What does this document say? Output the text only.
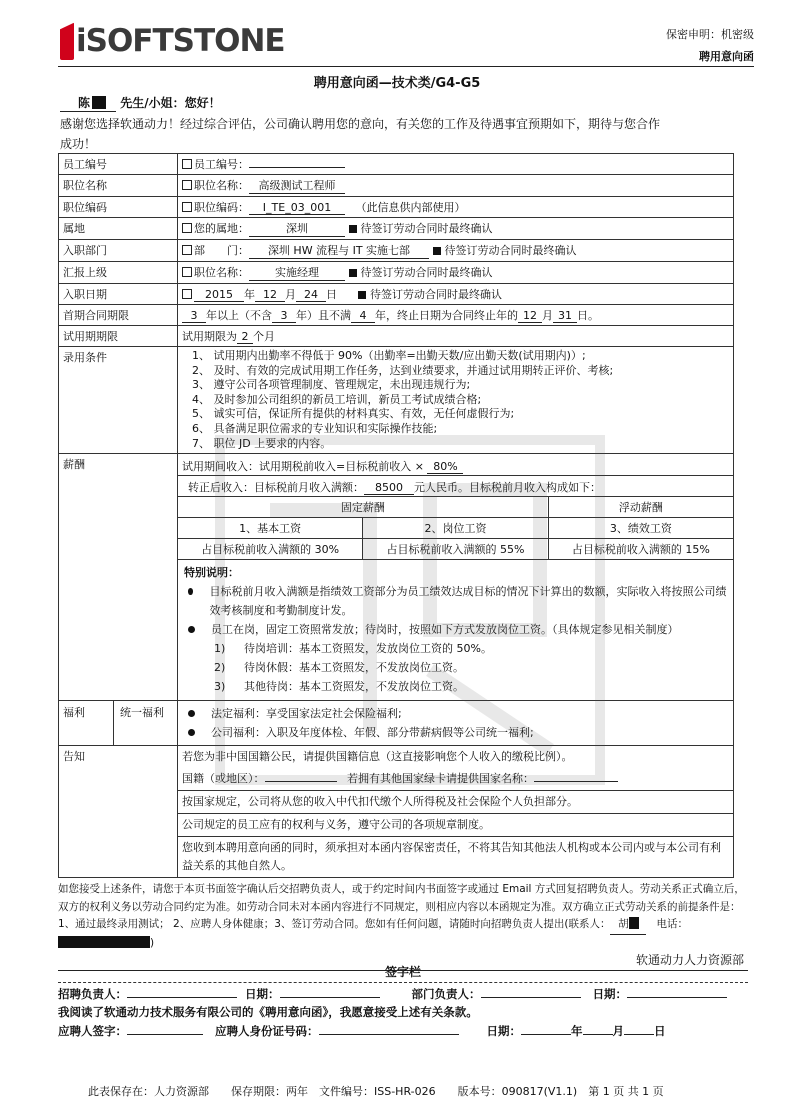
iSOFTSTONE	保密申明：机密级
聘用意向函
聘用意向函—技术类/G4-G5
陈	先生/小姐：您好！
感谢您选择软通动力！经过综合评估，公司确认聘用您的意向，有关您的工作及待遇事宜预期如下，期待与您合作成功！
员工编号	员工编号：
职位名称	职位名称： 高级测试工程师
职位编码	职位编码： I_TE_03_001 （此信息供内部使用）
属地	您的属地：	深圳	待签订劳动合同时最终确认
入职部门	部　　门： 深圳 HW 流程与 IT 实施七部	待签订劳动合同时最终确认
汇报上级	职位名称： 实施经理	待签订劳动合同时最终确认
入职日期	2015 年 12 月 24 日	待签订劳动合同时最终确认
首期合同期限	3 年以上（不含 3 年）且不满 4 年，终止日期为合同终止年的 12 月 31 日。
试用期期限	试用期限为 2 个月
录用条件	1、 试用期内出勤率不得低于 90%（出勤率=出勤天数/应出勤天数(试用期内)）;
2、 及时、有效的完成试用期工作任务，达到业绩要求，并通过试用期转正评价、考核;
3、 遵守公司各项管理制度、管理规定，未出现违规行为;
4、 及时参加公司组织的新员工培训，新员工考试成绩合格;
5、 诚实可信，保证所有提供的材料真实、有效，无任何虚假行为;
6、 具备满足职位需求的专业知识和实际操作技能;
7、 职位 JD 上要求的内容。

薪酬	试用期间收入：试用期税前收入=目标税前收入 × 80%
转正后收入：目标税前月收入满额： 8500 元人民币。目标税前月收入构成如下：
固定薪酬	浮动薪酬
1、基本工资	2、岗位工资	3、绩效工资
占目标税前收入满额的 30%	占目标税前收入满额的 55%	占目标税前收入满额的 15%

特别说明：

目标税前月收入满额是指绩效工资部分为员工绩效达成目标的情况下计算出的数额，实际收入将按照公司绩效考核制度和考勤制度计发。

员工在岗，固定工资照常发放；待岗时，按照如下方式发放岗位工资。（具体规定参见相关制度）

1) 待岗培训：基本工资照发，发放岗位工资的 50%。

2) 待岗休假：基本工资照发，不发放岗位工资。

3) 其他待岗：基本工资照发，不发放岗位工资。

福利	统一福利	法定福利：享受国家法定社会保险福利;

公司福利：入职及年度体检、年假、部分带薪病假等公司统一福利;

告知	若您为非中国国籍公民，请提供国籍信息（这直接影响您个人收入的缴税比例）。
国籍（或地区）：	若拥有其他国家绿卡请提供国家名称：
按国家规定，公司将从您的收入中代扣代缴个人所得税及社会保险个人负担部分。
公司规定的员工应有的权利与义务，遵守公司的各项规章制度。
您收到本聘用意向函的同时，须承担对本函内容保密责任，不将其告知其他法人机构或本公司内或与本公司有利益关系的其他自然人。
如您接受上述条件，请您于本页书面签字确认后交招聘负责人，或于约定时间内书面签字或通过 Email 方式回复招聘负责人。劳动关系正式确立后，双方的权利义务以劳动合同约定为准。如劳动合同未对本函内容进行不同规定，则相应内容以本函规定为准。双方确立正式劳动关系的前提条件是：1、通过最终录用测试； 2、应聘人身体健康；3、签订劳动合同。您如有任何问题，请随时向招聘负责人提出(联系人： 胡	电话：)
软通动力人力资源部
签字栏
招聘负责人：	日期：	部门负责人：	日期：
我阅读了软通动力技术服务有限公司的《聘用意向函》，我愿意接受上述有关条款。
应聘人签字：	应聘人身份证号码：	日期：	年	月	日
此表保存在：人力资源部　　保存期限：两年　文件编号：ISS-HR-026　　版本号：090817(V1.1)　第 1 页 共 1 页
